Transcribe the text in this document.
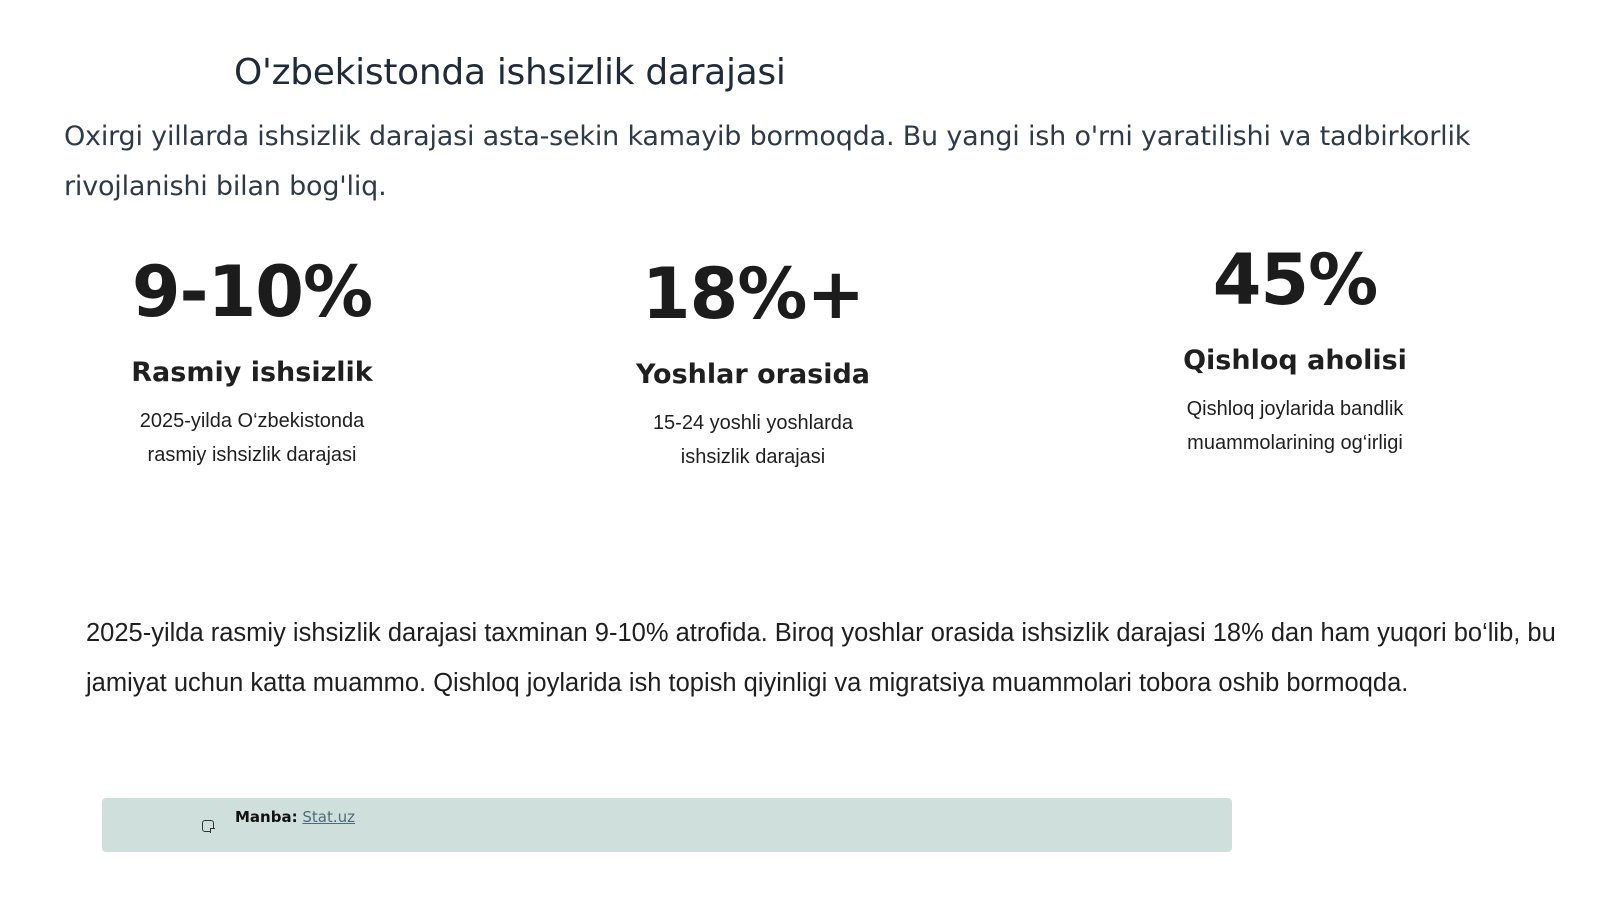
O'zbekistonda ishsizlik darajasi
Oxirgi yillarda ishsizlik darajasi asta-sekin kamayib bormoqda. Bu yangi ish o'rni yaratilishi va tadbirkorlik rivojlanishi bilan bog'liq.
9-10%
Rasmiy ishsizlik
2025-yilda O‘zbekistonda
rasmiy ishsizlik darajasi
18%+
Yoshlar orasida
15-24 yoshli yoshlarda
ishsizlik darajasi
45%
Qishloq aholisi
Qishloq joylarida bandlik
muammolarining og‘irligi
2025-yilda rasmiy ishsizlik darajasi taxminan 9-10% atrofida. Biroq yoshlar orasida ishsizlik darajasi 18% dan ham yuqori bo‘lib, bu jamiyat uchun katta muammo. Qishloq joylarida ish topish qiyinligi va migratsiya muammolari tobora oshib bormoqda.
Manba: Stat.uz
